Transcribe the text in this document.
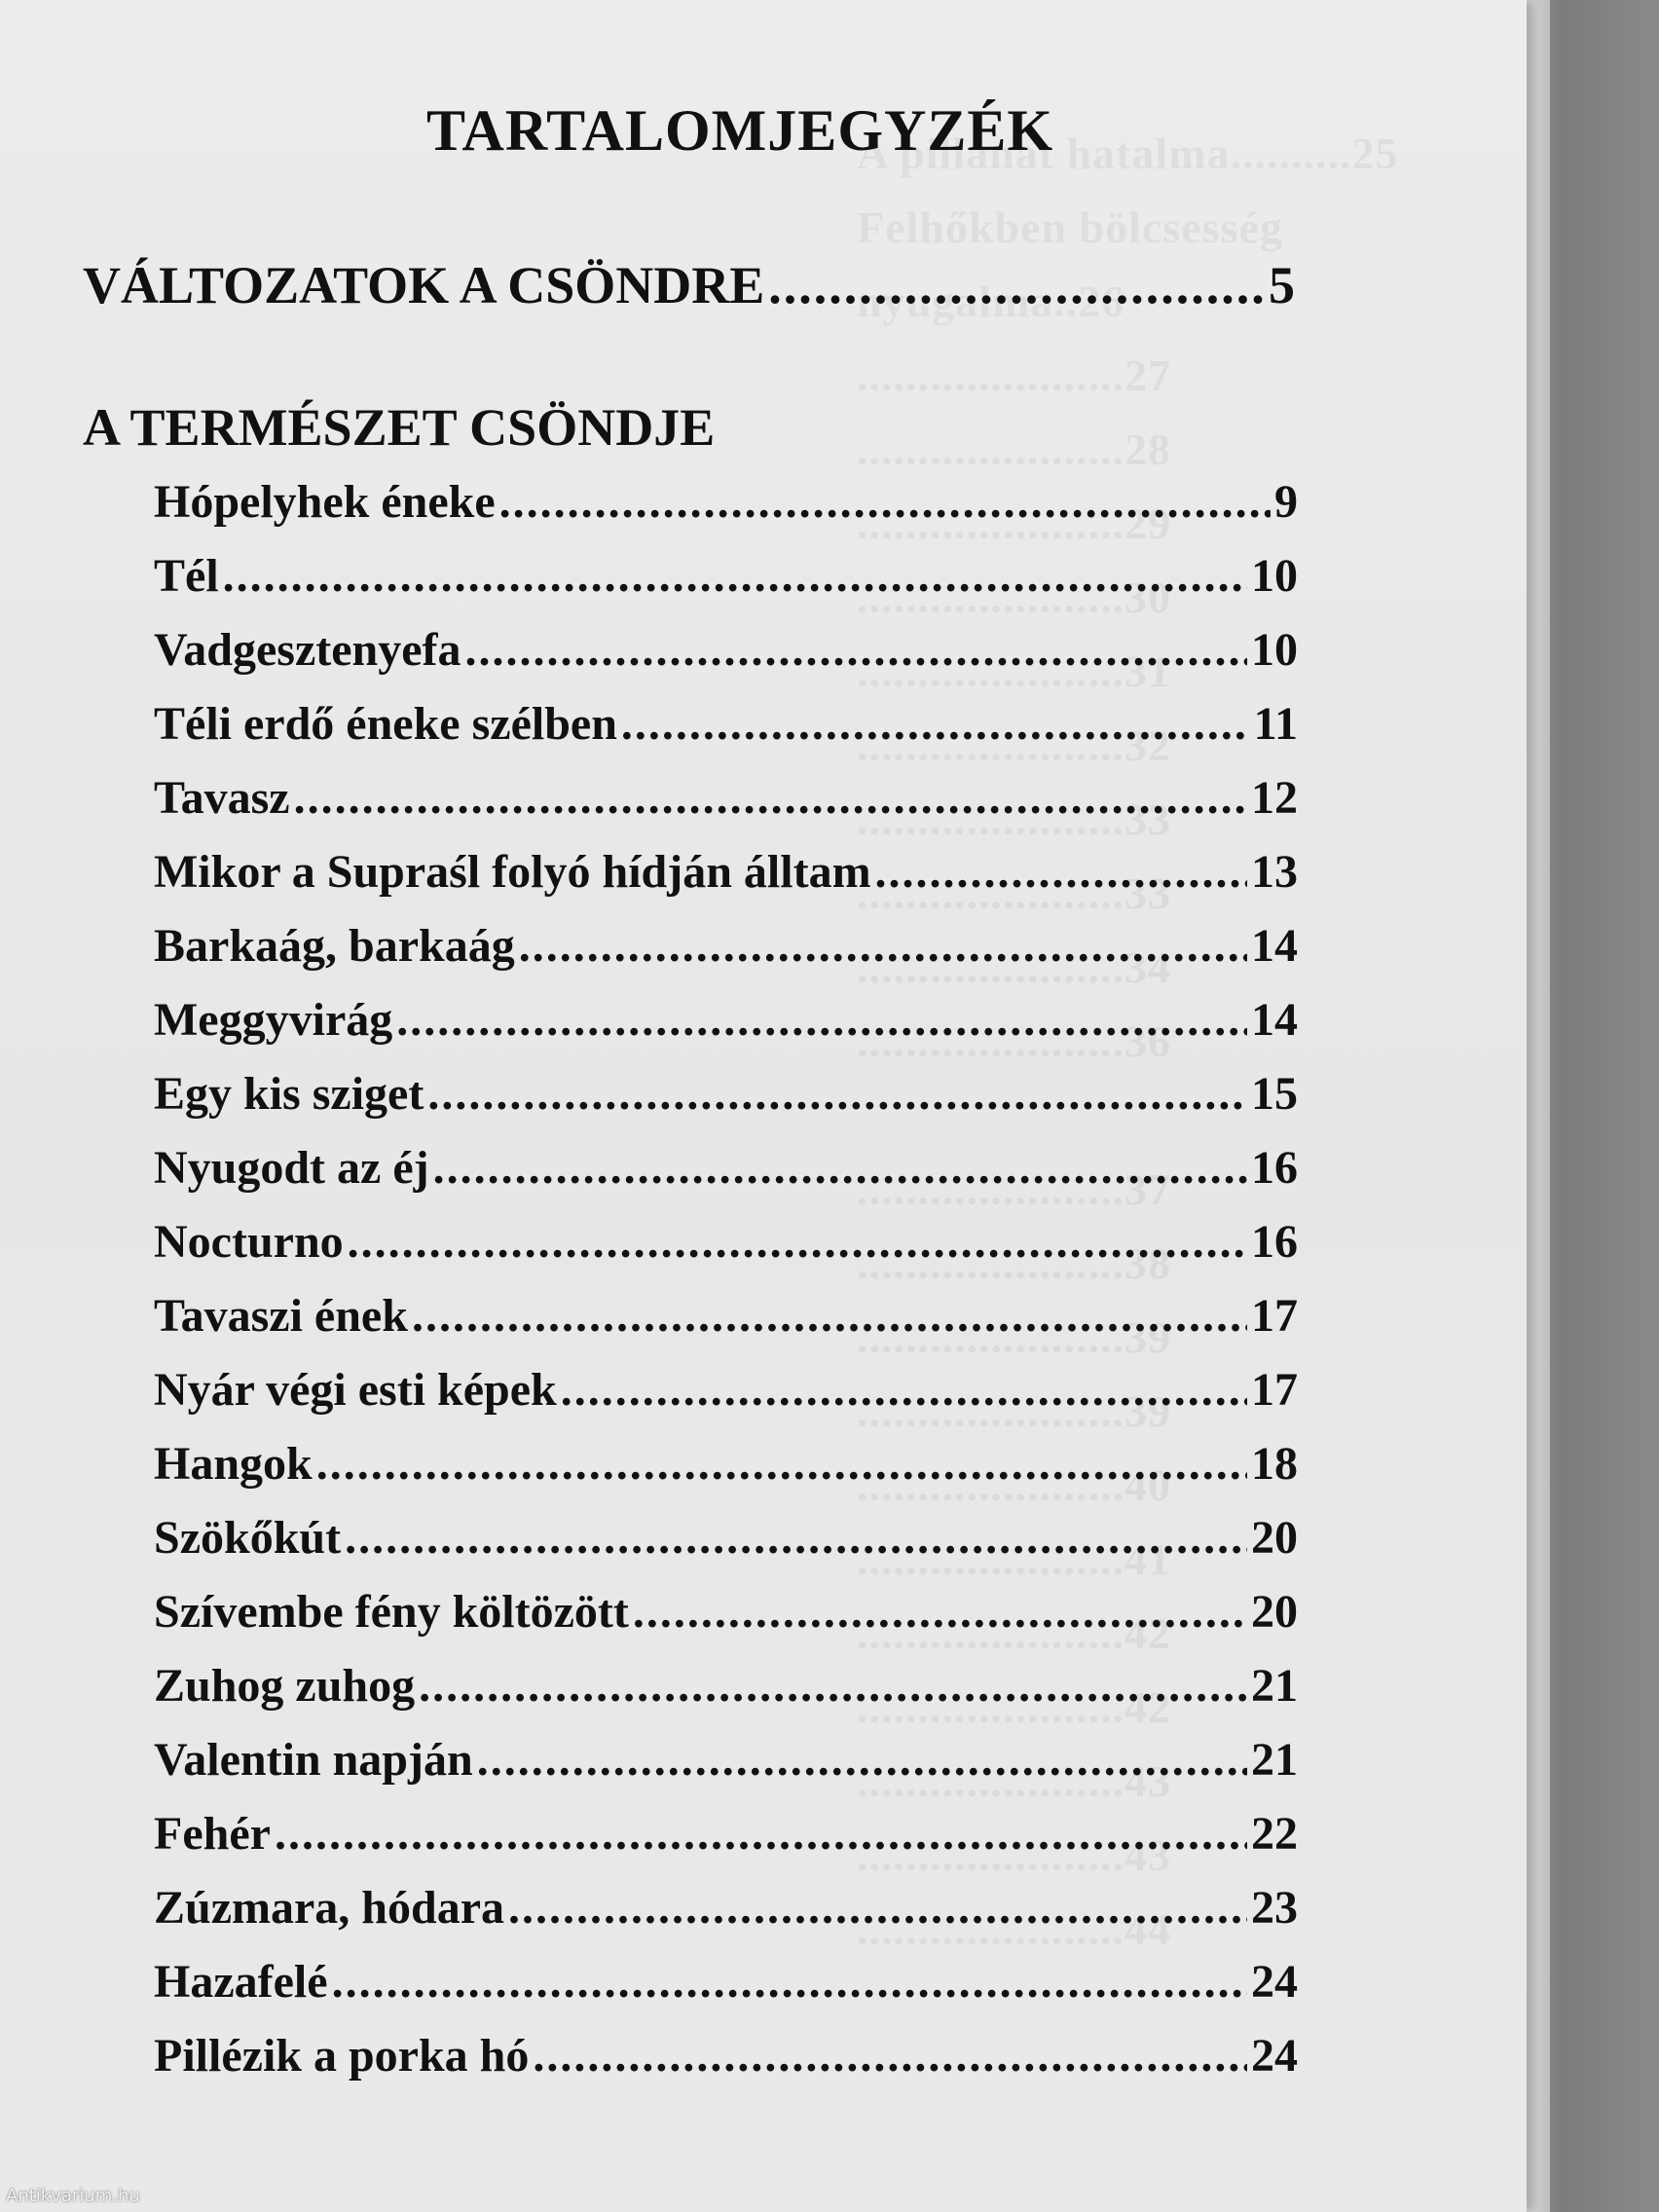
A pillanat hatalma..........25
Felhőkben bölcsesség nyugalma..26
......................27
......................28
......................29
......................30
......................31
......................32
......................33
......................33
......................34
......................36

......................37
......................38
......................39
......................39
......................40
......................41
......................42
......................42
......................43
......................43
......................44
TARTALOMJEGYZÉK
VÁLTOZATOK A CSÖNDRE .....	5
A TERMÉSZET CSÖNDJE
Hópelyhek éneke .....	9
Tél .....	10
Vadgesztenyefa .....	10
Téli erdő éneke szélben .....	11
Tavasz .....	12
Mikor a Supraśl folyó hídján álltam .....	13
Barkaág, barkaág .....	14
Meggyvirág .....	14
Egy kis sziget .....	15
Nyugodt az éj .....	16
Nocturno .....	16
Tavaszi ének .....	17
Nyár végi esti képek .....	17
Hangok .....	18
Szökőkút .....	20
Szívembe fény költözött .....	20
Zuhog zuhog .....	21
Valentin napján .....	21
Fehér .....	22
Zúzmara, hódara .....	23
Hazafelé .....	24
Pillézik a porka hó .....	24
Antikvarium.hu
